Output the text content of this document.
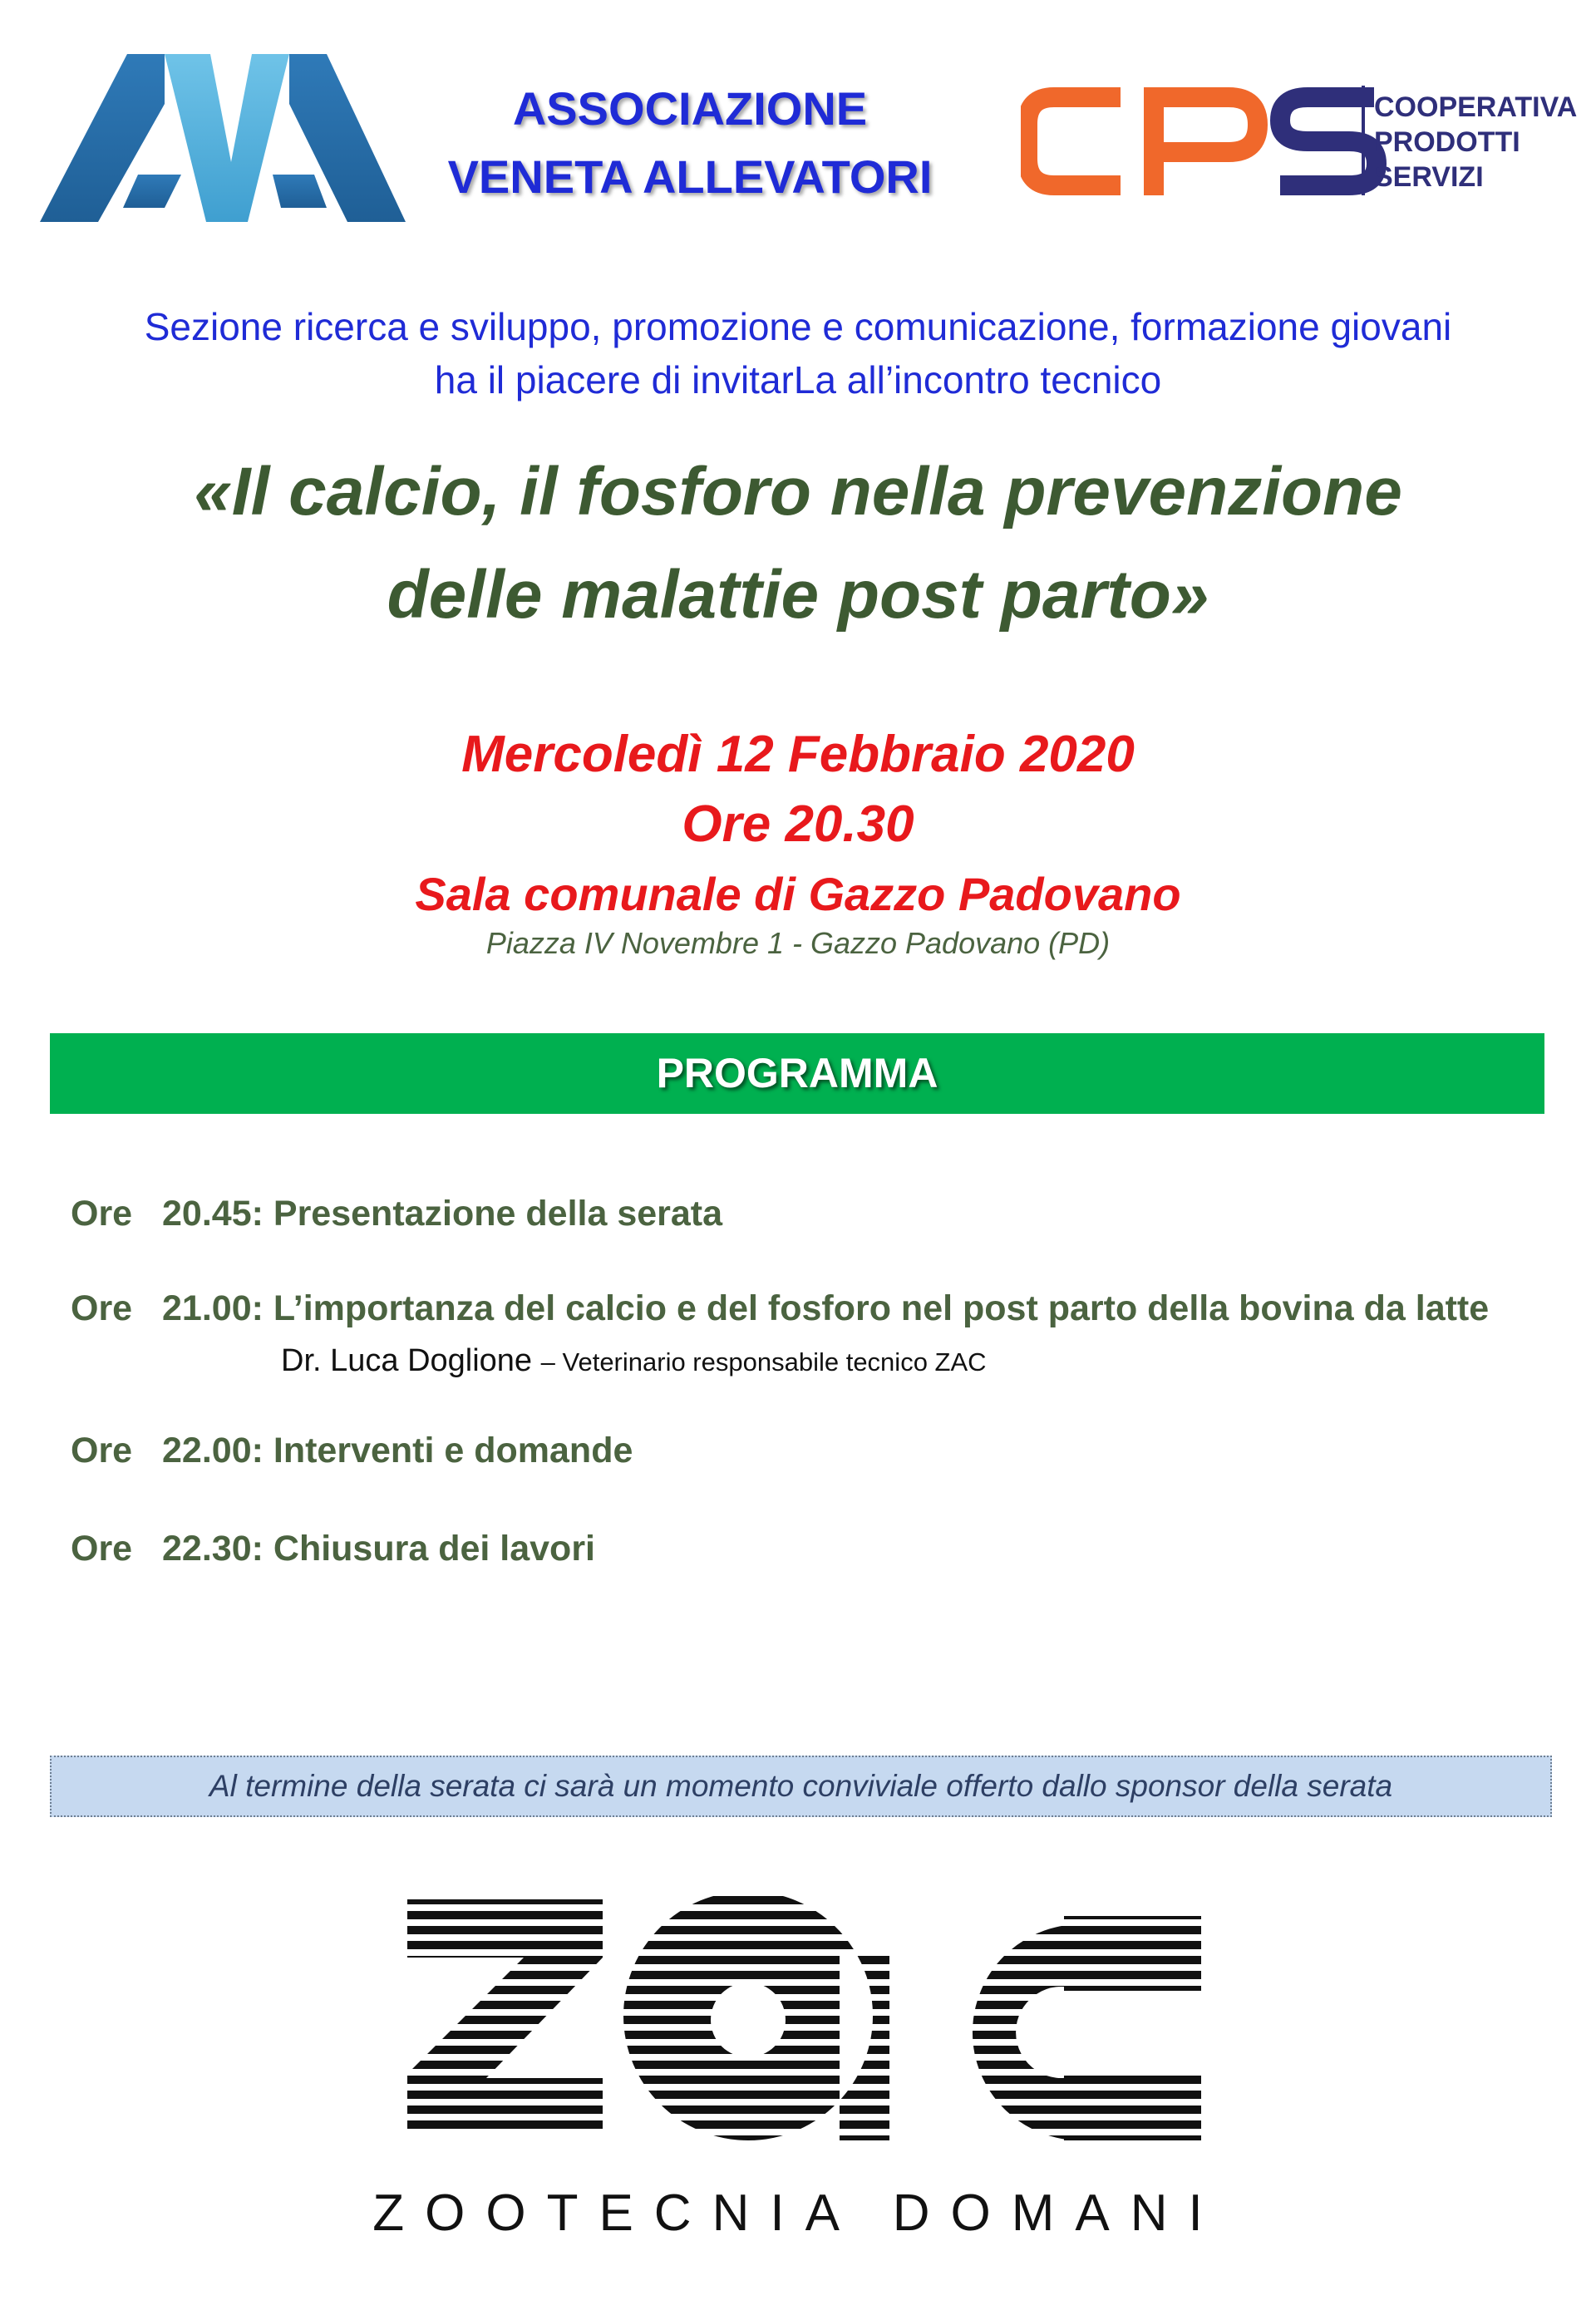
ASSOCIAZIONE
VENETA ALLEVATORI
COOPERATIVA
PRODOTTI
SERVIZI
Sezione ricerca e sviluppo, promozione e comunicazione, formazione giovani
ha il piacere di invitarLa all’incontro tecnico
«Il calcio, il fosforo nella prevenzione
delle malattie post parto»
Mercoledì 12 Febbraio 2020
Ore 20.30
Sala comunale di Gazzo Padovano
Piazza IV Novembre 1 - Gazzo Padovano (PD)
PROGRAMMA
Ore 20.45: Presentazione della serata
Ore 21.00: L’importanza del calcio e del fosforo nel post parto della bovina da latte
Dr. Luca Doglione – Veterinario responsabile tecnico ZAC
Ore 22.00: Interventi e domande
Ore 22.30: Chiusura dei lavori
Al termine della serata ci sarà un momento conviviale offerto dallo sponsor della serata
ZOOTECNIA DOMANI
